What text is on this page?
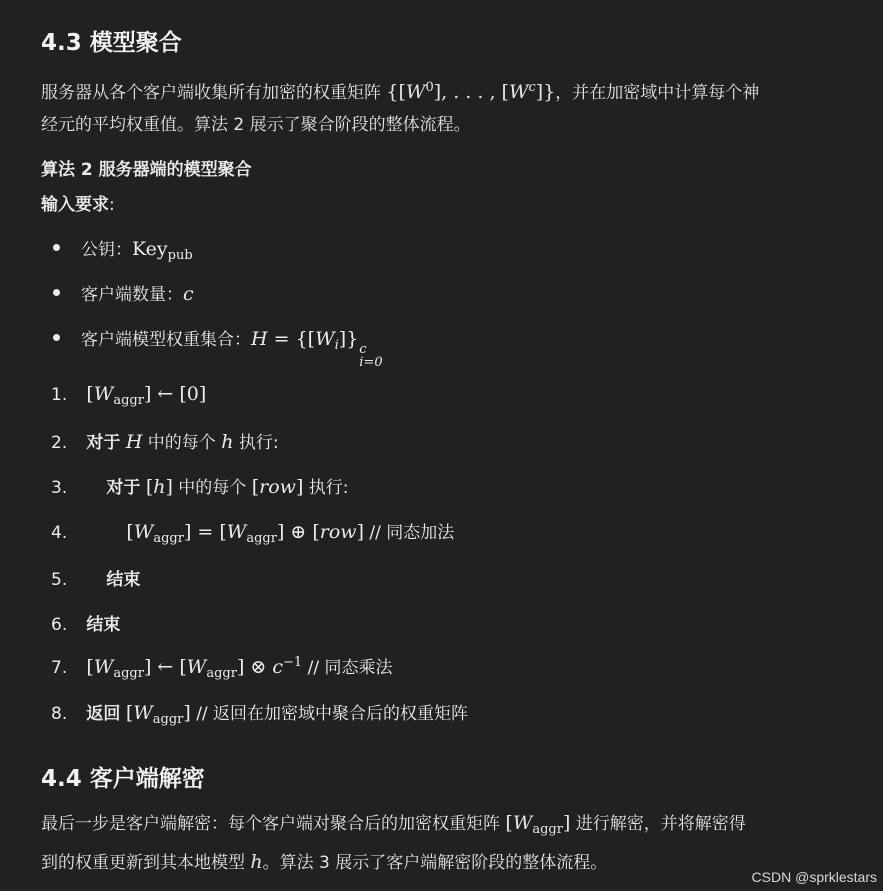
4.3 模型聚合

服务器从各个客户端收集所有加密的权重矩阵 {$[W^0]$, . . . , $[W^c]$}，并在加密域中计算每个神
经元的平均权重值。算法 2 展示了聚合阶段的整体流程。

算法 2 服务器端的模型聚合
输入要求:
公钥： Key$_{pub}$
客户端数量： c
客户端模型权重集合： $H = \{[W_i]\}$ c
i=0
1. $[W_{aggr}]$ ← [0]
2. 对于 H 中的每个 h 执行:
3. 对于 [h] 中的每个 [row] 执行:
4.	$[W_{aggr}] = [W_{aggr}]$ ⊕ [row] // 同态加法
5. 结束
6. 结束
7. $[W_{aggr}]$ ← $[W_{aggr}]$ ⊗ $c^{-1}$ // 同态乘法
8. 返回 $[W_{aggr}]$ // 返回在加密域中聚合后的权重矩阵
4.4 客户端解密

最后一步是客户端解密：每个客户端对聚合后的加密权重矩阵 $[W_{aggr}]$ 进行解密，并将解密得
到的权重更新到其本地模型 h。算法 3 展示了客户端解密阶段的整体流程。

CSDN @sprklestars
